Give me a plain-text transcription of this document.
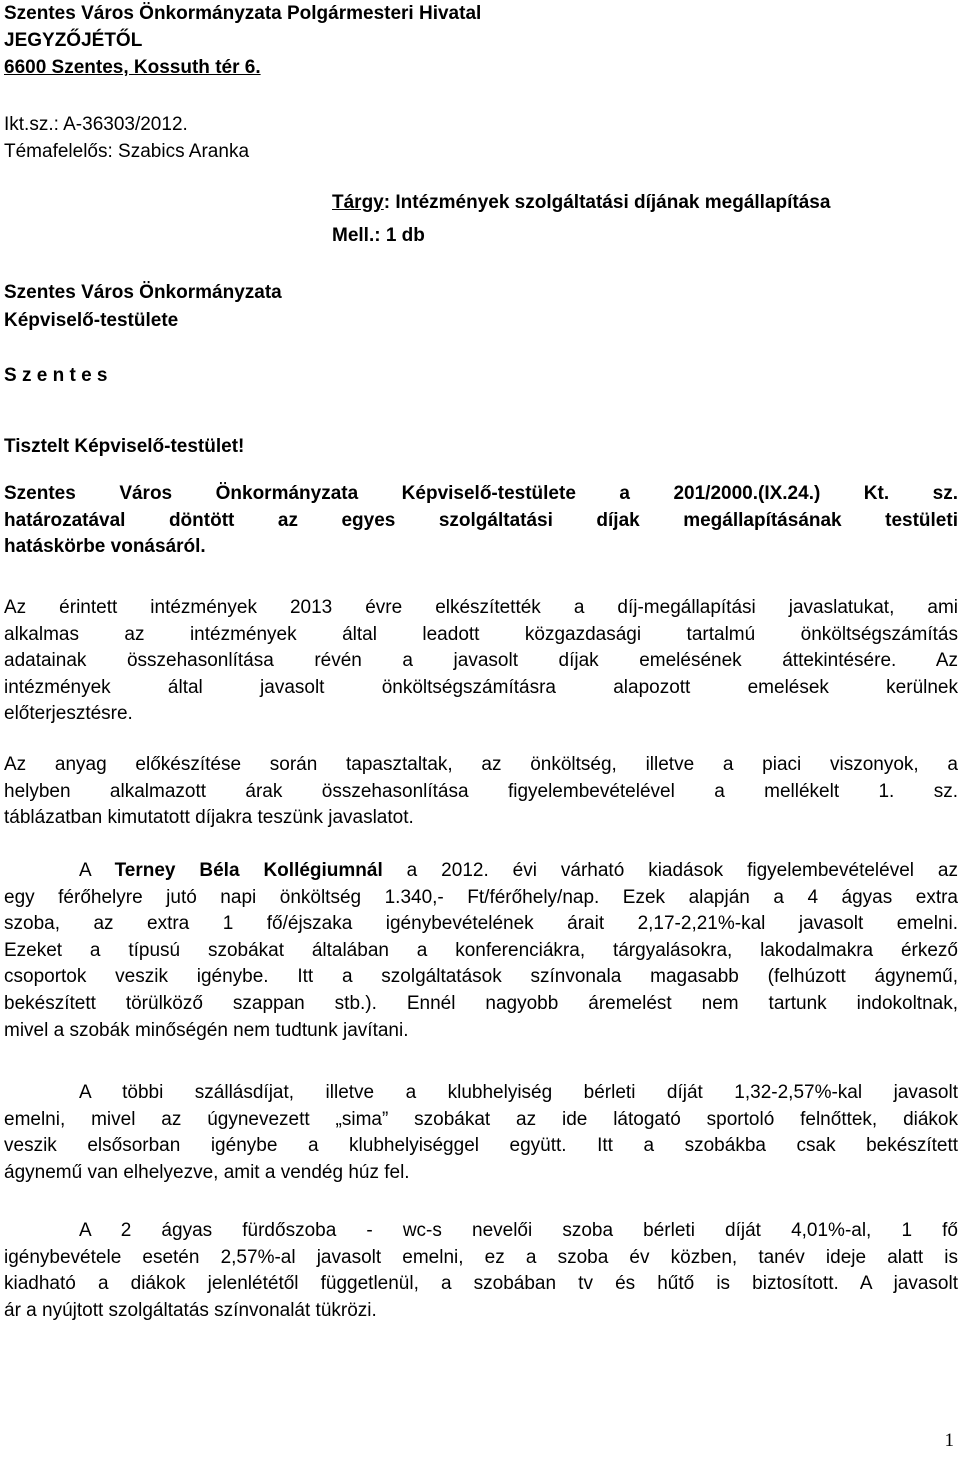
Szentes Város Önkormányzata Polgármesteri Hivatal
JEGYZŐJÉTŐL
6600 Szentes, Kossuth tér 6.
Ikt.sz.: A-36303/2012.
Témafelelős: Szabics Aranka
Tárgy: Intézmények szolgáltatási díjának megállapítása
Mell.: 1 db
Szentes Város Önkormányzata
Képviselő-testülete
S z e n t e s
Tisztelt Képviselő-testület!
Szentes Város Önkormányzata Képviselő-testülete a 201/2000.(IX.24.) Kt. sz.
határozatával döntött az egyes szolgáltatási díjak megállapításának testületi
hatáskörbe vonásáról.
Az érintett intézmények 2013 évre elkészítették a díj-megállapítási javaslatukat, ami
alkalmas az intézmények által leadott közgazdasági tartalmú önköltségszámítás
adatainak összehasonlítása révén a javasolt díjak emelésének áttekintésére. Az
intézmények által javasolt önköltségszámításra alapozott emelések kerülnek
előterjesztésre.
Az anyag előkészítése során tapasztaltak, az önköltség, illetve a piaci viszonyok, a
helyben alkalmazott árak összehasonlítása figyelembevételével a mellékelt 1. sz.
táblázatban kimutatott díjakra teszünk javaslatot.
A Terney Béla Kollégiumnál a 2012. évi várható kiadások figyelembevételével az
egy férőhelyre jutó napi önköltség 1.340,- Ft/férőhely/nap. Ezek alapján a 4 ágyas extra
szoba, az extra 1 fő/éjszaka igénybevételének árait 2,17-2,21%-kal javasolt emelni.
Ezeket a típusú szobákat általában a konferenciákra, tárgyalásokra, lakodalmakra érkező
csoportok veszik igénybe. Itt a szolgáltatások színvonala magasabb (felhúzott ágynemű,
bekészített törülköző szappan stb.). Ennél nagyobb áremelést nem tartunk indokoltnak,
mivel a szobák minőségén nem tudtunk javítani.
A többi szállásdíjat, illetve a klubhelyiség bérleti díját 1,32-2,57%-kal javasolt
emelni, mivel az úgynevezett „sima” szobákat az ide látogató sportoló felnőttek, diákok
veszik elsősorban igénybe a klubhelyiséggel együtt. Itt a szobákba csak bekészített
ágynemű van elhelyezve, amit a vendég húz fel.
A 2 ágyas fürdőszoba - wc-s nevelői szoba bérleti díját 4,01%-al, 1 fő
igénybevétele esetén 2,57%-al javasolt emelni, ez a szoba év közben, tanév ideje alatt is
kiadható a diákok jelenlététől függetlenül, a szobában tv és hűtő is biztosított. A javasolt
ár a nyújtott szolgáltatás színvonalát tükrözi.
1
